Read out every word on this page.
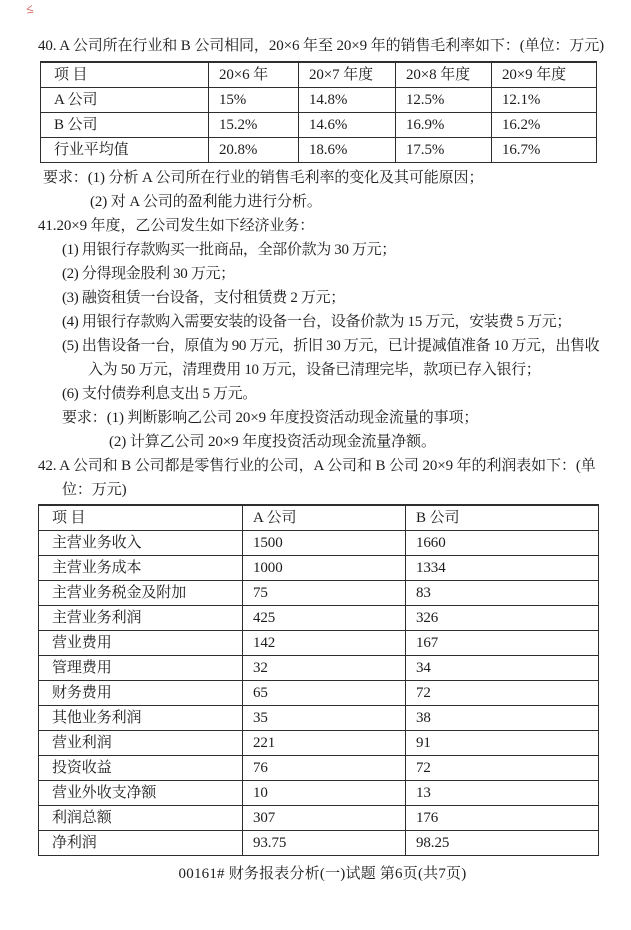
≤

40. A 公司所在行业和 B 公司相同，20×6 年至 20×9 年的销售毛利率如下：(单位：万元)

项 目	20×6 年	20×7 年度	20×8 年度	20×9 年度
A 公司	15%	14.8%	12.5%	12.1%
B 公司	15.2%	14.6%	16.9%	16.2%
行业平均值	20.8%	18.6%	17.5%	16.7%

要求：(1) 分析 A 公司所在行业的销售毛利率的变化及其可能原因；

(2) 对 A 公司的盈利能力进行分析。

41.20×9 年度，乙公司发生如下经济业务：

(1) 用银行存款购买一批商品，全部价款为 30 万元；

(2) 分得现金股利 30 万元；

(3) 融资租赁一台设备，支付租赁费 2 万元；

(4) 用银行存款购入需要安装的设备一台，设备价款为 15 万元，安装费 5 万元；

(5) 出售设备一台，原值为 90 万元，折旧 30 万元，已计提减值准备 10 万元，出售收入为 50 万元，清理费用 10 万元，设备已清理完毕，款项已存入银行；

(6) 支付债券利息支出 5 万元。

要求：(1) 判断影响乙公司 20×9 年度投资活动现金流量的事项；

(2) 计算乙公司 20×9 年度投资活动现金流量净额。

42. A 公司和 B 公司都是零售行业的公司，A 公司和 B 公司 20×9 年的利润表如下：(单位：万元)

项 目	A 公司	B 公司
主营业务收入	1500	1660
主营业务成本	1000	1334
主营业务税金及附加	75	83
主营业务利润	425	326
营业费用	142	167
管理费用	32	34
财务费用	65	72
其他业务利润	35	38
营业利润	221	91
投资收益	76	72
营业外收支净额	10	13
利润总额	307	176
净利润	93.75	98.25

00161# 财务报表分析(一)试题 第6页(共7页)
